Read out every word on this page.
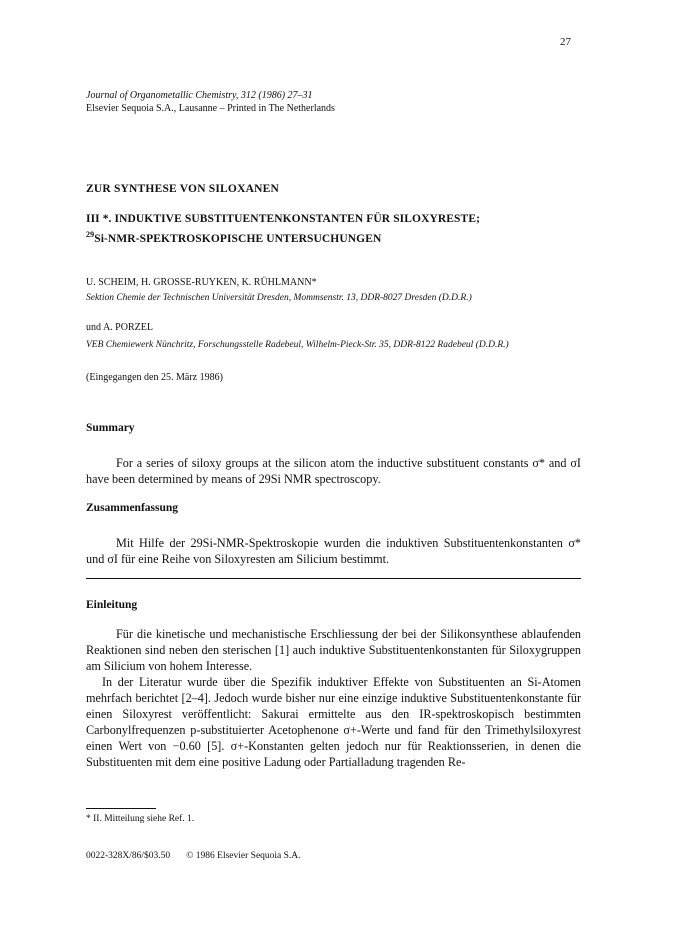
27
Journal of Organometallic Chemistry, 312 (1986) 27–31
Elsevier Sequoia S.A., Lausanne – Printed in The Netherlands
ZUR SYNTHESE VON SILOXANEN
III *. INDUKTIVE SUBSTITUENTENKONSTANTEN FÜR SILOXYRESTE;
$^{29}$Si-NMR-SPEKTROSKOPISCHE UNTERSUCHUNGEN
U. SCHEIM, H. GROSSE-RUYKEN, K. RÜHLMANN*
Sektion Chemie der Technischen Universität Dresden, Mommsenstr. 13, DDR-8027 Dresden (D.D.R.)
und A. PORZEL
VEB Chemiewerk Nünchritz, Forschungsstelle Radebeul, Wilhelm-Pieck-Str. 35, DDR-8122 Radebeul (D.D.R.)
(Eingegangen den 25. März 1986)
Summary
For a series of siloxy groups at the silicon atom the inductive substituent constants σ* and σI have been determined by means of 29Si NMR spectroscopy.
Zusammenfassung
Mit Hilfe der 29Si-NMR-Spektroskopie wurden die induktiven Substituentenkonstanten σ* und σI für eine Reihe von Siloxyresten am Silicium bestimmt.
Einleitung
Für die kinetische und mechanistische Erschliessung der bei der Silikonsynthese ablaufenden Reaktionen sind neben den sterischen [1] auch induktive Substituentenkonstanten für Siloxygruppen am Silicium von hohem Interesse.
In der Literatur wurde über die Spezifik induktiver Effekte von Substituenten an Si-Atomen mehrfach berichtet [2–4]. Jedoch wurde bisher nur eine einzige induktive Substituentenkonstante für einen Siloxyrest veröffentlicht: Sakurai ermittelte aus den IR-spektroskopisch bestimmten Carbonylfrequenzen p-substituierter Acetophenone σ+-Werte und fand für den Trimethylsiloxyrest einen Wert von −0.60 [5]. σ+-Konstanten gelten jedoch nur für Reaktionsserien, in denen die Substituenten mit dem eine positive Ladung oder Partialladung tragenden Re-
* II. Mitteilung siehe Ref. 1.
0022-328X/86/$03.50 © 1986 Elsevier Sequoia S.A.
